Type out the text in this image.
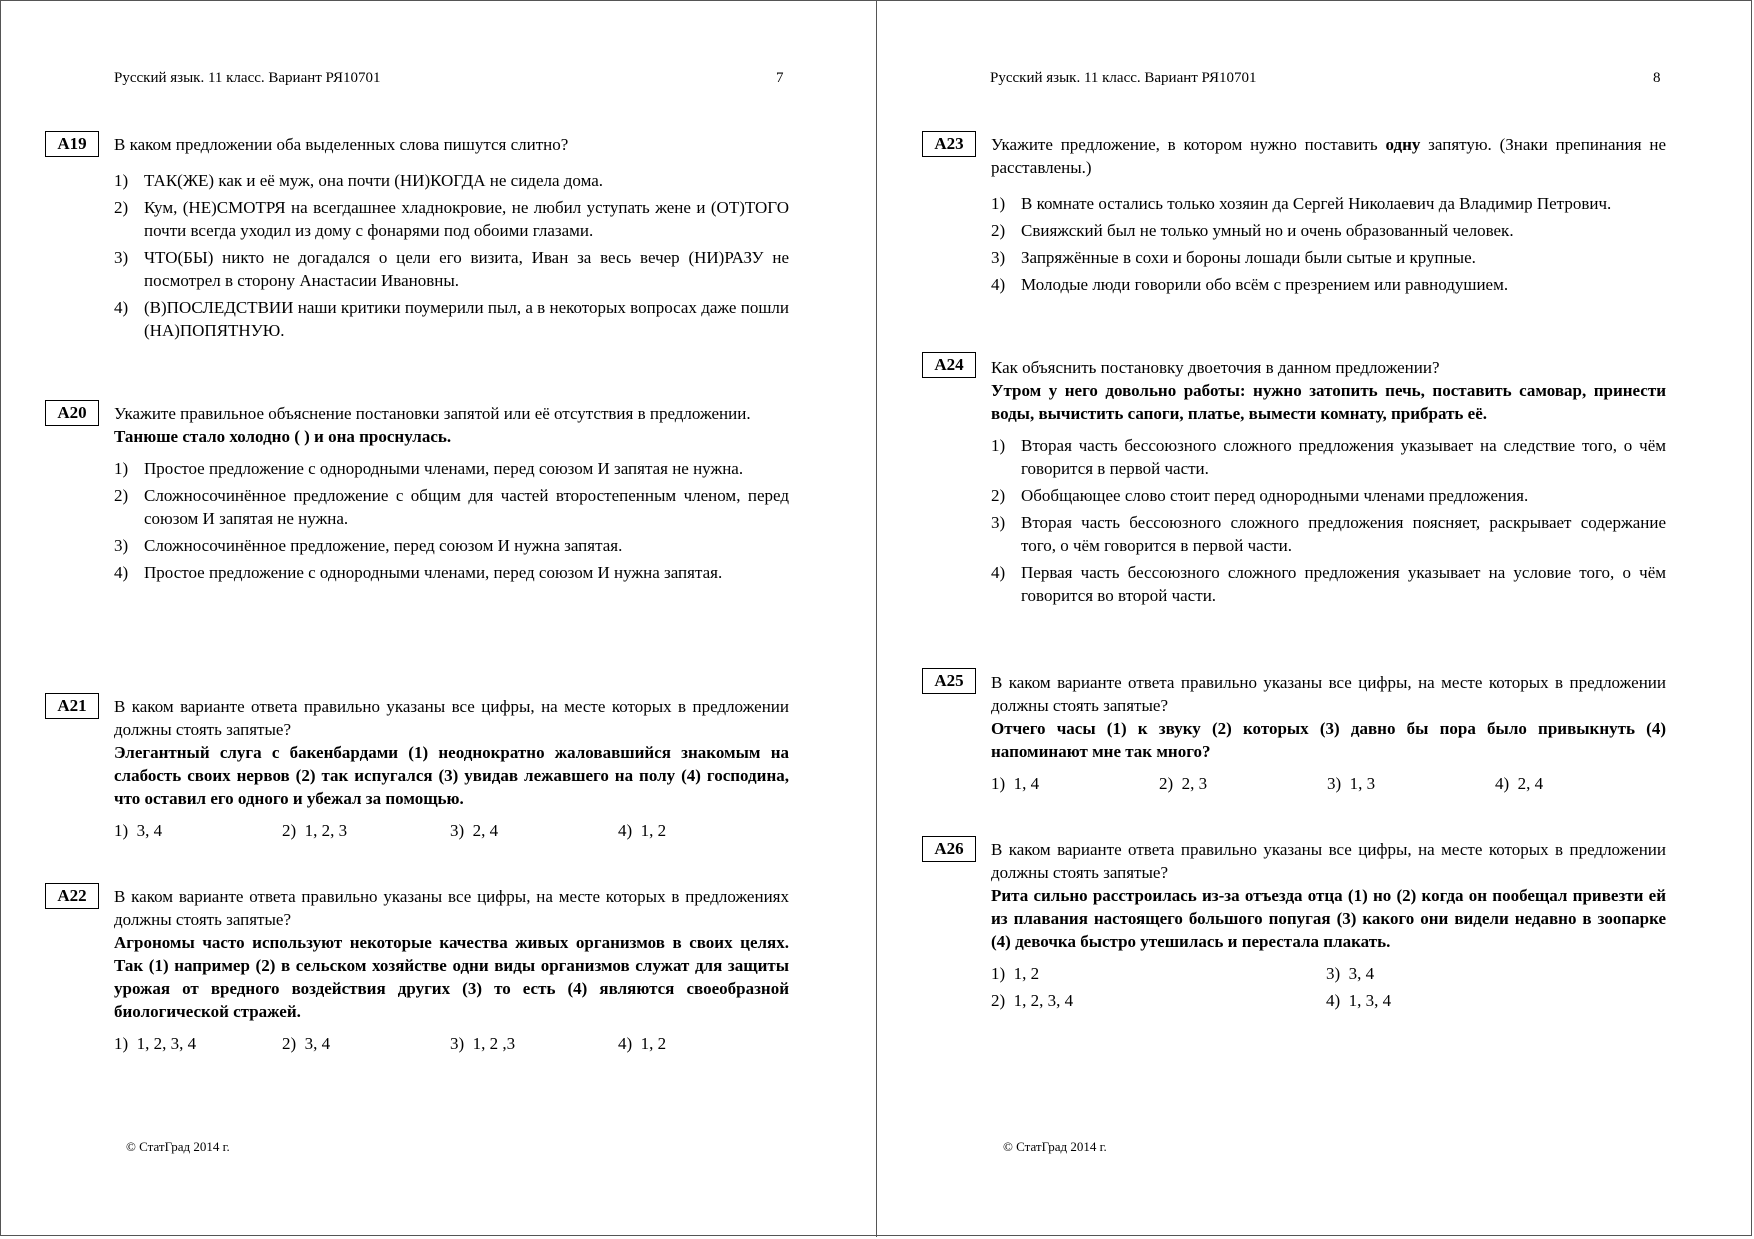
Русский язык. 11 класс. Вариант РЯ10701	7
A19	В каком предложении оба выделенных слова пишутся слитно?
1) ТАК(ЖЕ) как и её муж, она почти (НИ)КОГДА не сидела дома.
2) Кум, (НЕ)СМОТРЯ на всегдашнее хладнокровие, не любил уступать жене и (ОТ)ТОГО почти всегда уходил из дому с фонарями под обоими глазами.
3) ЧТО(БЫ) никто не догадался о цели его визита, Иван за весь вечер (НИ)РАЗУ не посмотрел в сторону Анастасии Ивановны.
4) (В)ПОСЛЕДСТВИИ наши критики поумерили пыл, а в некоторых вопросах даже пошли (НА)ПОПЯТНУЮ.
A20	Укажите правильное объяснение постановки запятой или её отсутствия в предложении.
Танюше стало холодно ( ) и она проснулась.
1) Простое предложение с однородными членами, перед союзом И запятая не нужна.
2) Сложносочинённое предложение с общим для частей второстепенным членом, перед союзом И запятая не нужна.
3) Сложносочинённое предложение, перед союзом И нужна запятая.
4) Простое предложение с однородными членами, перед союзом И нужна запятая.
A21	В каком варианте ответа правильно указаны все цифры, на месте которых в предложении должны стоять запятые?
Элегантный слуга с бакенбардами (1) неоднократно жаловавшийся знакомым на слабость своих нервов (2) так испугался (3) увидав лежавшего на полу (4) господина, что оставил его одного и убежал за помощью.
1) 3, 4	2) 1, 2, 3	3) 2, 4	4) 1, 2
A22	В каком варианте ответа правильно указаны все цифры, на месте которых в предложениях должны стоять запятые?
Агрономы часто используют некоторые качества живых организмов в своих целях. Так (1) например (2) в сельском хозяйстве одни виды организмов служат для защиты урожая от вредного воздействия других (3) то есть (4) являются своеобразной биологической стражей.
1) 1, 2, 3, 4	2) 3, 4	3) 1, 2 ,3	4) 1, 2
© СтатГрад 2014 г.
Русский язык. 11 класс. Вариант РЯ10701	8
A23	Укажите предложение, в котором нужно поставить одну запятую. (Знаки препинания не расставлены.)
1) В комнате остались только хозяин да Сергей Николаевич да Владимир Петрович.
2) Свияжский был не только умный но и очень образованный человек.
3) Запряжённые в сохи и бороны лошади были сытые и крупные.
4) Молодые люди говорили обо всём с презрением или равнодушием.
A24	Как объяснить постановку двоеточия в данном предложении?
Утром у него довольно работы: нужно затопить печь, поставить самовар, принести воды, вычистить сапоги, платье, вымести комнату, прибрать её.
1) Вторая часть бессоюзного сложного предложения указывает на следствие того, о чём говорится в первой части.
2) Обобщающее слово стоит перед однородными членами предложения.
3) Вторая часть бессоюзного сложного предложения поясняет, раскрывает содержание того, о чём говорится в первой части.
4) Первая часть бессоюзного сложного предложения указывает на условие того, о чём говорится во второй части.
A25	В каком варианте ответа правильно указаны все цифры, на месте которых в предложении должны стоять запятые?
Отчего часы (1) к звуку (2) которых (3) давно бы пора было привыкнуть (4) напоминают мне так много?
1) 1, 4	2) 2, 3	3) 1, 3	4) 2, 4
A26	В каком варианте ответа правильно указаны все цифры, на месте которых в предложении должны стоять запятые?
Рита сильно расстроилась из-за отъезда отца (1) но (2) когда он пообещал привезти ей из плавания настоящего большого попугая (3) какого они видели недавно в зоопарке (4) девочка быстро утешилась и перестала плакать.
1) 1, 2	3) 3, 4
2) 1, 2, 3, 4	4) 1, 3, 4
© СтатГрад 2014 г.
